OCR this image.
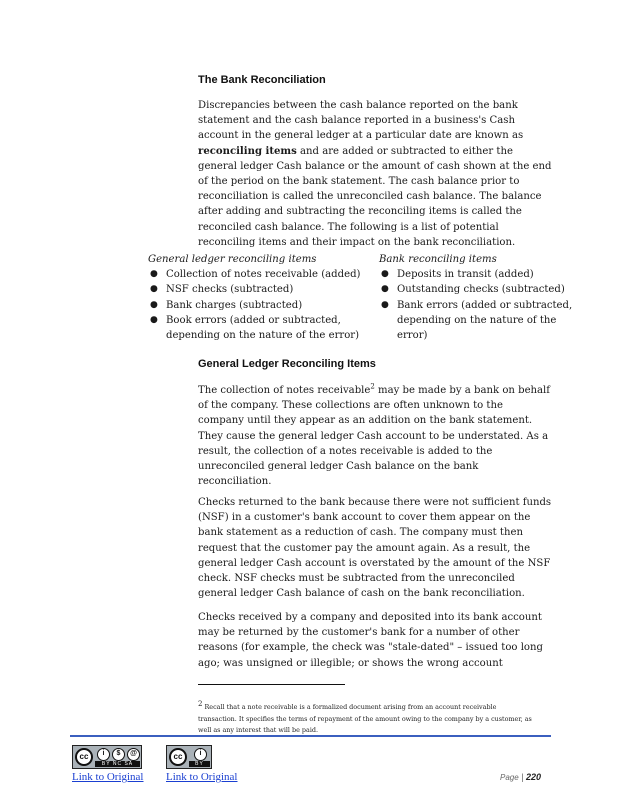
The Bank Reconciliation
Discrepancies between the cash balance reported on the bank
statement and the cash balance reported in a business's Cash
account in the general ledger at a particular date are known as
reconciling items and are added or subtracted to either the
general ledger Cash balance or the amount of cash shown at the end
of the period on the bank statement. The cash balance prior to
reconciliation is called the unreconciled cash balance. The balance
after adding and subtracting the reconciling items is called the
reconciled cash balance. The following is a list of potential
reconciling items and their impact on the bank reconciliation.
General ledger reconciling items
● Collection of notes receivable (added)
● NSF checks (subtracted)
● Bank charges (subtracted)
● Book errors (added or subtracted,
depending on the nature of the error)
Bank reconciling items
● Deposits in transit (added)
● Outstanding checks (subtracted)
● Bank errors (added or subtracted,
depending on the nature of the
error)
General Ledger Reconciling Items
The collection of notes receivable$^2$ may be made by a bank on behalf
of the company. These collections are often unknown to the
company until they appear as an addition on the bank statement.
They cause the general ledger Cash account to be understated. As a
result, the collection of a notes receivable is added to the
unreconciled general ledger Cash balance on the bank
reconciliation.
Checks returned to the bank because there were not sufficient funds
(NSF) in a customer's bank account to cover them appear on the
bank statement as a reduction of cash. The company must then
request that the customer pay the amount again. As a result, the
general ledger Cash account is overstated by the amount of the NSF
check. NSF checks must be subtracted from the unreconciled
general ledger Cash balance of cash on the bank reconciliation.
Checks received by a company and deposited into its bank account
may be returned by the customer's bank for a number of other
reasons (for example, the check was "stale-dated" – issued too long
ago; was unsigned or illegible; or shows the wrong account
$^2$ Recall that a note receivable is a formalized document arising from an account receivable
transaction. It specifies the terms of repayment of the amount owing to the company by a customer, as
well as any interest that will be paid.
cc	i	$	@
BY NC SA
cc	i
BY
Link to Original Link to Original	Page | 220
